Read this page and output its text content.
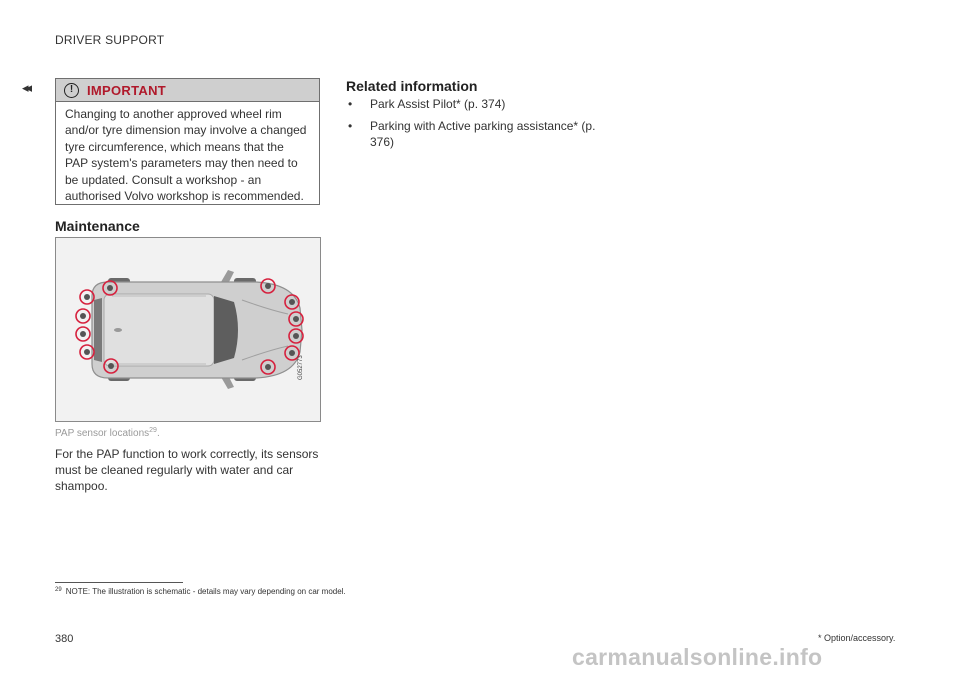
DRIVER SUPPORT
◂◂	!	IMPORTANT
Changing to another approved wheel rim and/or tyre dimension may involve a changed tyre circumference, which means that the PAP system's parameters may then need to be updated. Consult a workshop - an authorised Volvo workshop is recommended.
Maintenance
G052773
PAP sensor locations$^{29}$.
For the PAP function to work correctly, its sensors must be cleaned regularly with water and car shampoo.
Related information
• Park Assist Pilot* (p. 374)
• Parking with Active parking assistance* (p. 376)
$^{29}$ NOTE: The illustration is schematic - details may vary depending on car model.
380	* Option/accessory.
carmanualsonline.info
